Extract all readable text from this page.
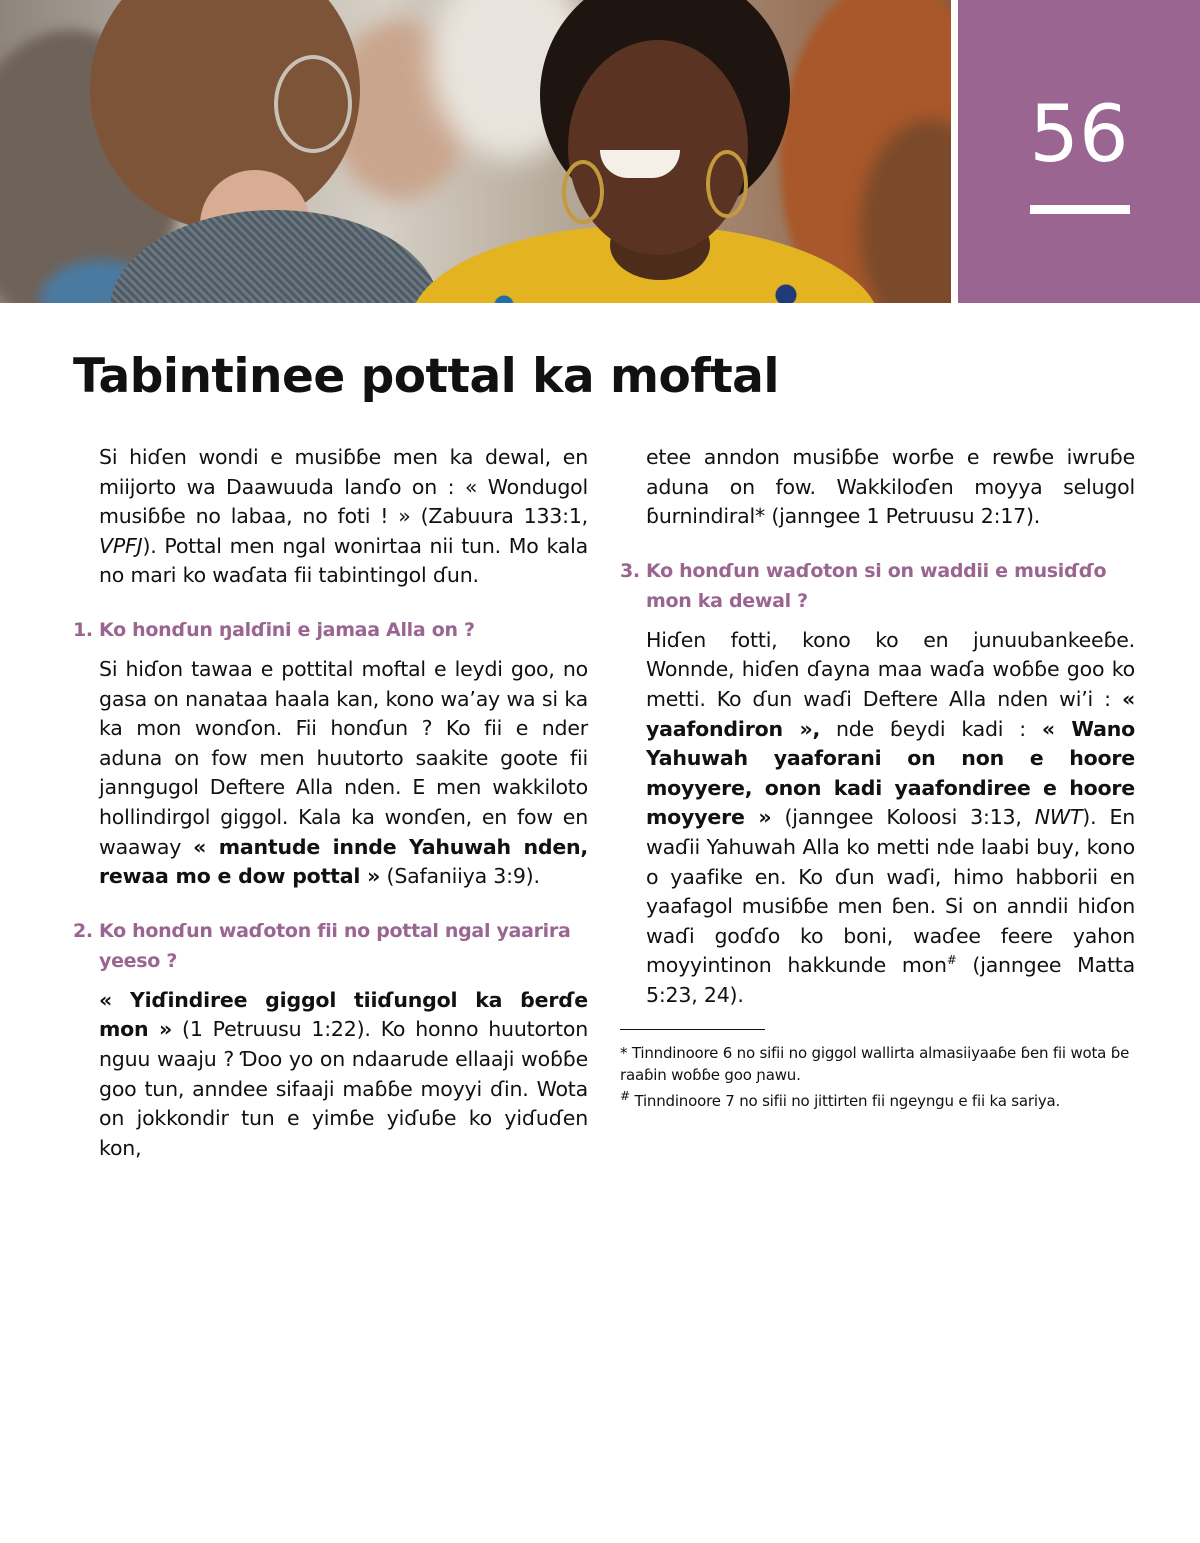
56
Tabintinee pottal ka moftal

Si hiɗen wondi e musiɓɓe men ka dewal, en miijorto wa Daawuuda lanɗo on : « Wondugol musiɓɓe no labaa, no foti ! » (Zabuura 133:1, VPFJ). Pottal men ngal wonirtaa nii tun. Mo kala no mari ko waɗata fii tabintingol ɗun.

1. Ko honɗun ŋalɗini e jamaa Alla on ?

Si hiɗon tawaa e pottital moftal e leydi goo, no gasa on nanataa haala kan, kono wa’ay wa si ka ka mon wonɗon. Fii honɗun ? Ko fii e nder aduna on fow men huutorto saakite goote fii janngugol Deftere Alla nden. E men wakkiloto hollindirgol giggol. Kala ka wonɗen, en fow en waaway « mantude innde Yahuwah nden, rewaa mo e dow pottal » (Safaniiya 3:9).

2. Ko honɗun waɗoton fii no pottal ngal yaarira yeeso ?

« Yiɗindiree giggol tiiɗungol ka ɓerɗe mon » (1 Petruusu 1:22). Ko honno huutorton nguu waaju ? Ɗoo yo on ndaarude ellaaji woɓɓe goo tun, anndee sifaaji maɓɓe moyyi ɗin. Wota on jokkondir tun e yimɓe yiɗuɓe ko yiɗuɗen kon,

etee anndon musiɓɓe worɓe e rewɓe iwruɓe aduna on fow. Wakkiloɗen moyya selugol ɓurnindiral* (janngee 1 Petruusu 2:17).

3. Ko honɗun waɗoton si on waddii e musiɗɗo mon ka dewal ?

Hiɗen fotti, kono ko en junuubankeeɓe. Wonnde, hiɗen ɗayna maa waɗa woɓɓe goo ko metti. Ko ɗun waɗi Deftere Alla nden wi’i : « yaafondiron », nde ɓeydi kadi : « Wano Yahuwah yaaforani on non e hoore moyyere, onon kadi yaafondiree e hoore moyyere » (janngee Koloosi 3:13, NWT). En waɗii Yahuwah Alla ko metti nde laabi buy, kono o yaafike en. Ko ɗun waɗi, himo habborii en yaafagol musiɓɓe men ɓen. Si on anndii hiɗon waɗi goɗɗo ko boni, waɗee feere yahon moyyintinon hakkunde mon# (janngee Matta 5:23, 24).

* Tinndinoore 6 no sifii no giggol wallirta almasiiyaaɓe ɓen fii wota ɓe raaɓin woɓɓe goo ɲawu.

# Tinndinoore 7 no sifii no jittirten fii ngeyngu e fii ka sariya.
